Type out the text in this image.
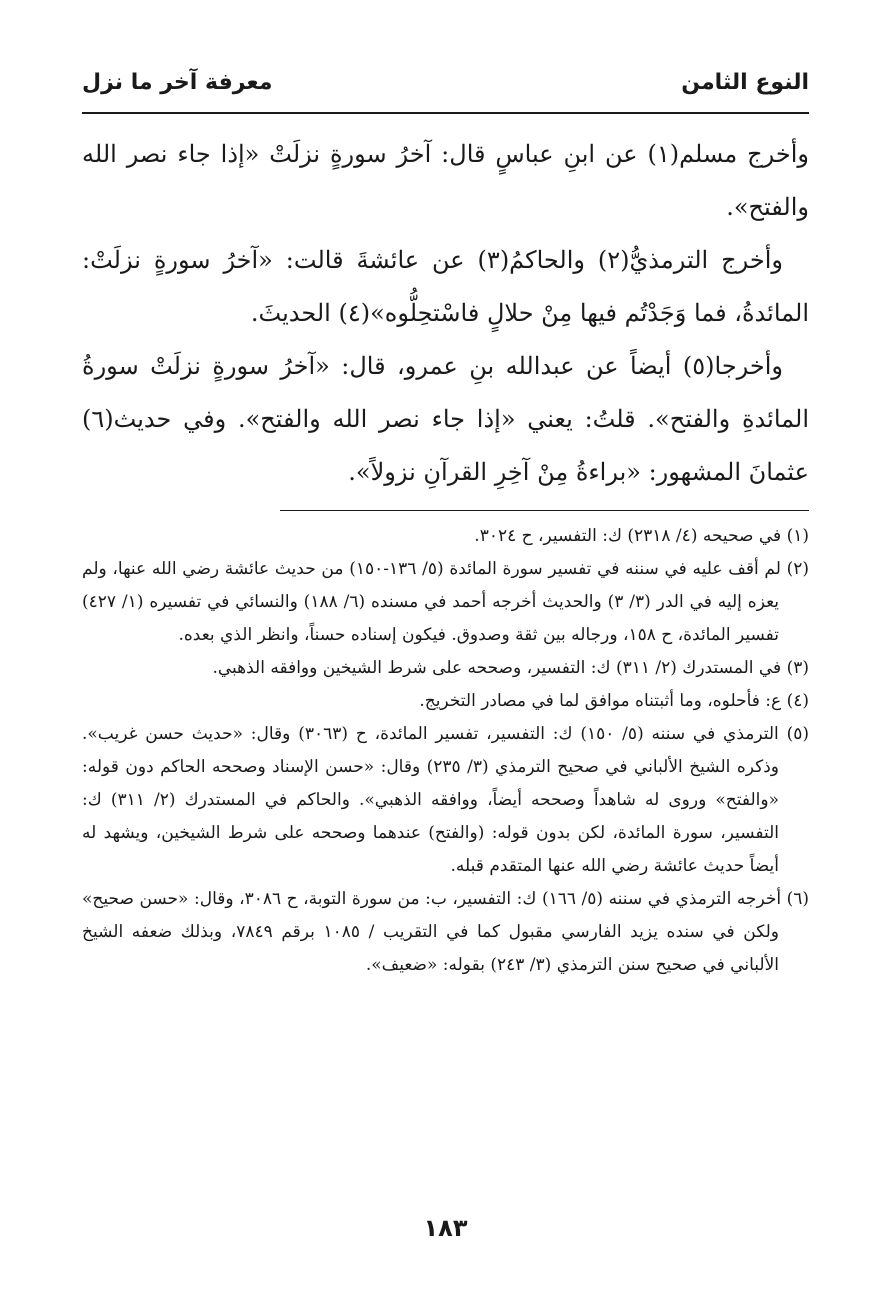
النوع الثامن
معرفة آخر ما نزل

وأخرج مسلم(١) عن ابنِ عباسٍ قال: آخرُ سورةٍ نزلَتْ «إذا جاء نصر الله والفتح».

وأخرج الترمذيُّ(٢) والحاكمُ(٣) عن عائشةَ قالت: «آخرُ سورةٍ نزلَتْ: المائدةُ، فما وَجَدْتُم فيها مِنْ حلالٍ فاسْتحِلُّوه»(٤) الحديثَ.

وأخرجا(٥) أيضاً عن عبدالله بنِ عمرو، قال: «آخرُ سورةٍ نزلَتْ سورةُ المائدةِ والفتح». قلتُ: يعني «إذا جاء نصر الله والفتح». وفي حديث(٦) عثمانَ المشهور: «براءةُ مِنْ آخِرِ القرآنِ نزولاً».

(١) في صحيحه (٤/ ٢٣١٨) ك: التفسير، ح ٣٠٢٤.

(٢) لم أقف عليه في سننه في تفسير سورة المائدة (٥/ ١٣٦-١٥٠) من حديث عائشة رضي الله عنها، ولم يعزه إليه في الدر (٣/ ٣) والحديث أخرجه أحمد في مسنده (٦/ ١٨٨) والنسائي في تفسيره (١/ ٤٢٧) تفسير المائدة، ح ١٥٨، ورجاله بين ثقة وصدوق. فيكون إسناده حسناً، وانظر الذي بعده.

(٣) في المستدرك (٢/ ٣١١) ك: التفسير، وصححه على شرط الشيخين ووافقه الذهبي.

(٤) ع: فأحلوه، وما أثبتناه موافق لما في مصادر التخريج.

(٥) الترمذي في سننه (٥/ ١٥٠) ك: التفسير، تفسير المائدة، ح (٣٠٦٣) وقال: «حديث حسن غريب». وذكره الشيخ الألباني في صحيح الترمذي (٣/ ٢٣٥) وقال: «حسن الإسناد وصححه الحاكم دون قوله: «والفتح» وروى له شاهداً وصححه أيضاً، ووافقه الذهبي». والحاكم في المستدرك (٢/ ٣١١) ك: التفسير، سورة المائدة، لكن بدون قوله: (والفتح) عندهما وصححه على شرط الشيخين، ويشهد له أيضاً حديث عائشة رضي الله عنها المتقدم قبله.

(٦) أخرجه الترمذي في سننه (٥/ ١٦٦) ك: التفسير، ب: من سورة التوبة، ح ٣٠٨٦، وقال: «حسن صحيح» ولكن في سنده يزيد الفارسي مقبول كما في التقريب / ١٠٨٥ برقم ٧٨٤٩، وبذلك ضعفه الشيخ الألباني في صحيح سنن الترمذي (٣/ ٢٤٣) بقوله: «ضعيف».

١٨٣
